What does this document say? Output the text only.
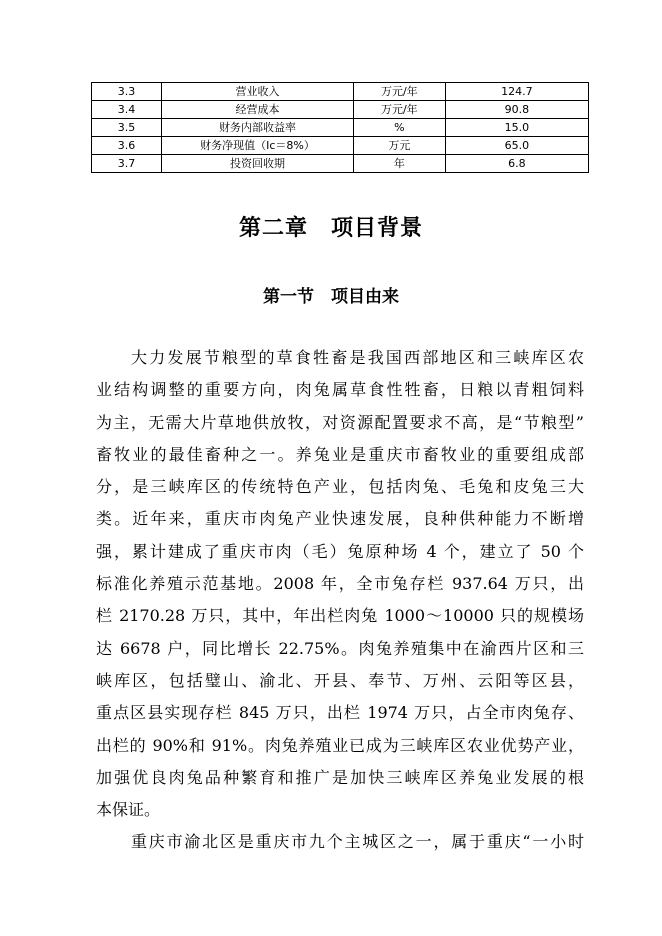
3.3	营业收入	万元/年	124.7
3.4	经营成本	万元/年	90.8
3.5	财务内部收益率	%	15.0
3.6	财务净现值（Ic＝8%）	万元	65.0
3.7	投资回收期	年	6.8
第二章　项目背景
第一节　项目由来
大力发展节粮型的草食牲畜是我国西部地区和三峡库区农
业结构调整的重要方向，肉兔属草食性牲畜，日粮以青粗饲料
为主，无需大片草地供放牧，对资源配置要求不高，是“节粮型”
畜牧业的最佳畜种之一。养兔业是重庆市畜牧业的重要组成部
分，是三峡库区的传统特色产业，包括肉兔、毛兔和皮兔三大
类。近年来，重庆市肉兔产业快速发展，良种供种能力不断增
强，累计建成了重庆市肉（毛）兔原种场 4 个，建立了 50 个
标准化养殖示范基地。2008 年，全市兔存栏 937.64 万只，出
栏 2170.28 万只，其中，年出栏肉兔 1000～10000 只的规模场
达 6678 户，同比增长 22.75%。肉兔养殖集中在渝西片区和三
峡库区，包括璧山、渝北、开县、奉节、万州、云阳等区县，
重点区县实现存栏 845 万只，出栏 1974 万只，占全市肉兔存、
出栏的 90%和 91%。肉兔养殖业已成为三峡库区农业优势产业，
加强优良肉兔品种繁育和推广是加快三峡库区养兔业发展的根
本保证。
重庆市渝北区是重庆市九个主城区之一，属于重庆“一小时
